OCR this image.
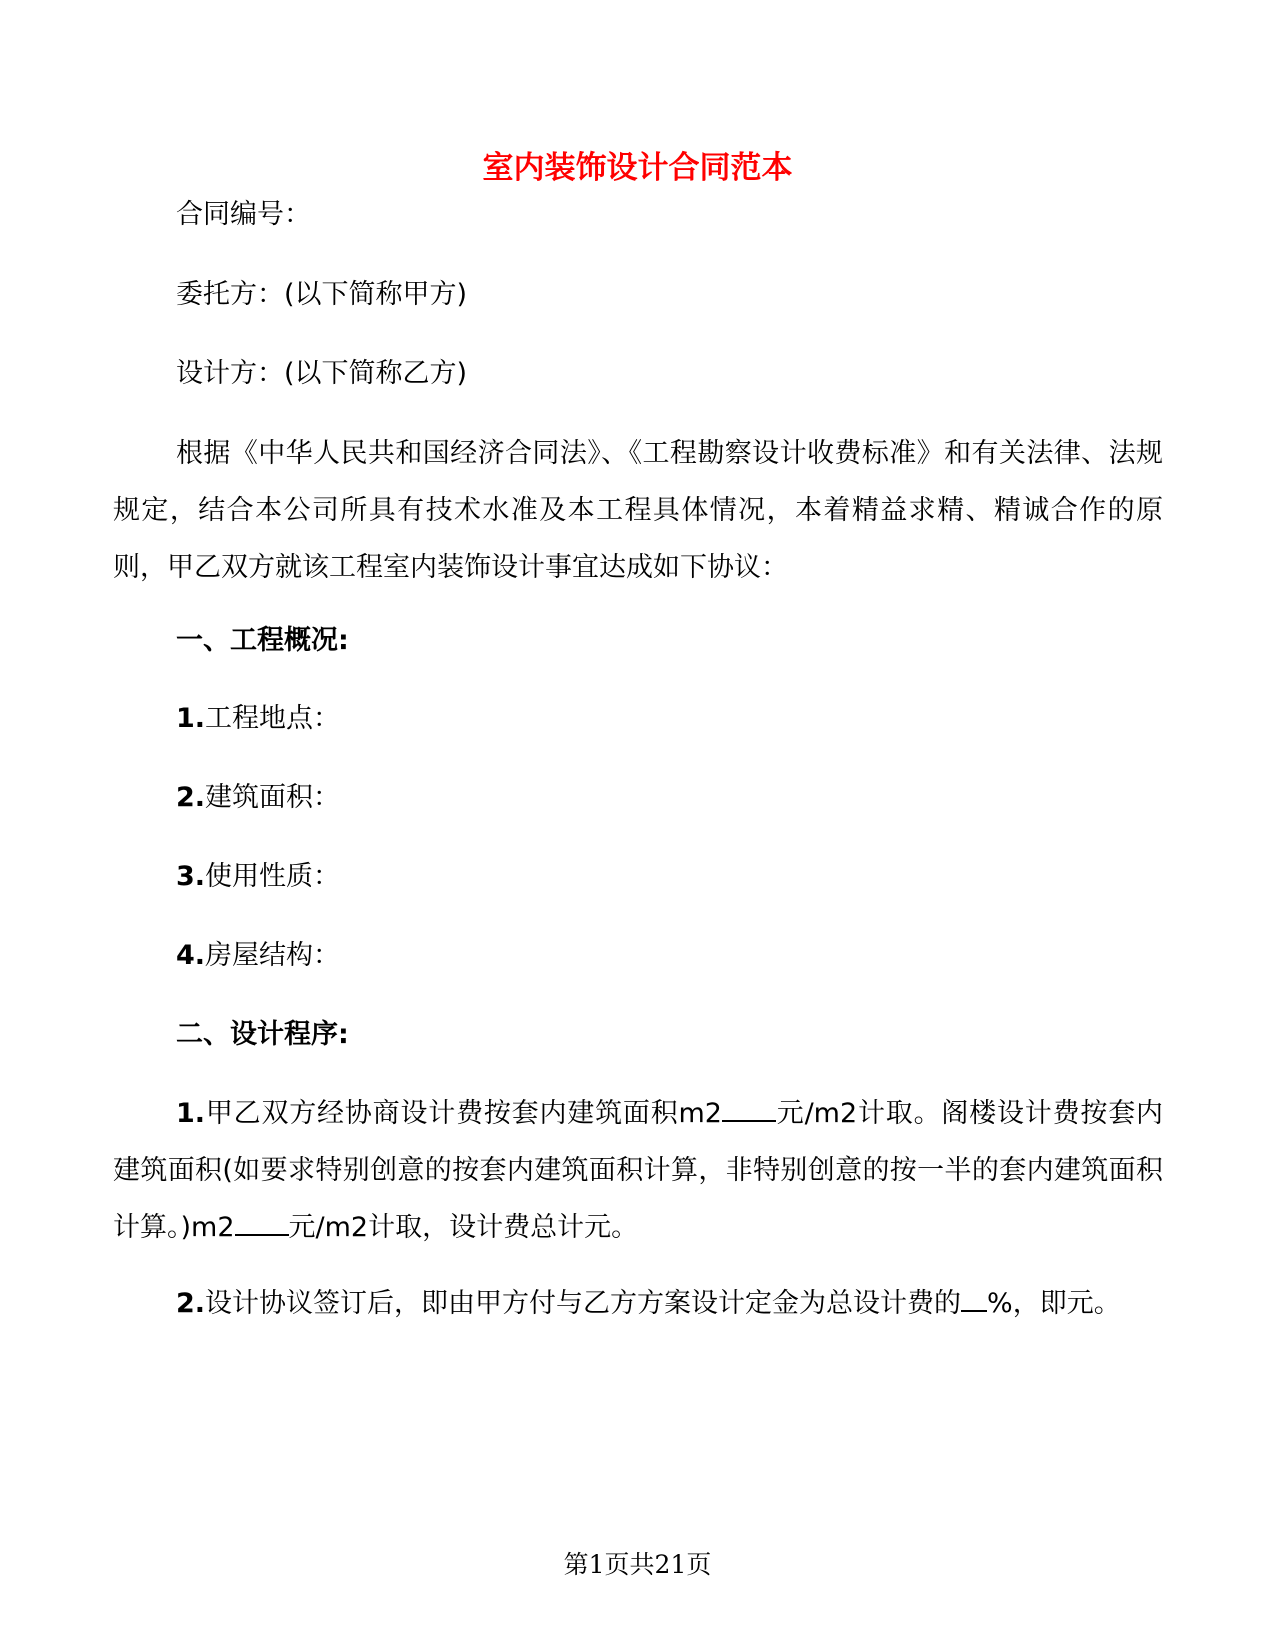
室内装饰设计合同范本
合同编号：
委托方：(以下简称甲方)
设计方：(以下简称乙方)
根据《中华人民共和国经济合同法》、《工程勘察设计收费标准》和有关法律、法规规定，结合本公司所具有技术水准及本工程具体情况，本着精益求精、精诚合作的原则，甲乙双方就该工程室内装饰设计事宜达成如下协议：
一、工程概况:
1.工程地点：
2.建筑面积：
3.使用性质：
4.房屋结构：
二、设计程序:
1.甲乙双方经协商设计费按套内建筑面积m2 元/m2计取。阁楼设计费按套内建筑面积(如要求特别创意的按套内建筑面积计算，非特别创意的按一半的套内建筑面积计算。)m2 元/m2计取，设计费总计元。
2.设计协议签订后，即由甲方付与乙方方案设计定金为总设计费的 %，即元。
第1页共21页
